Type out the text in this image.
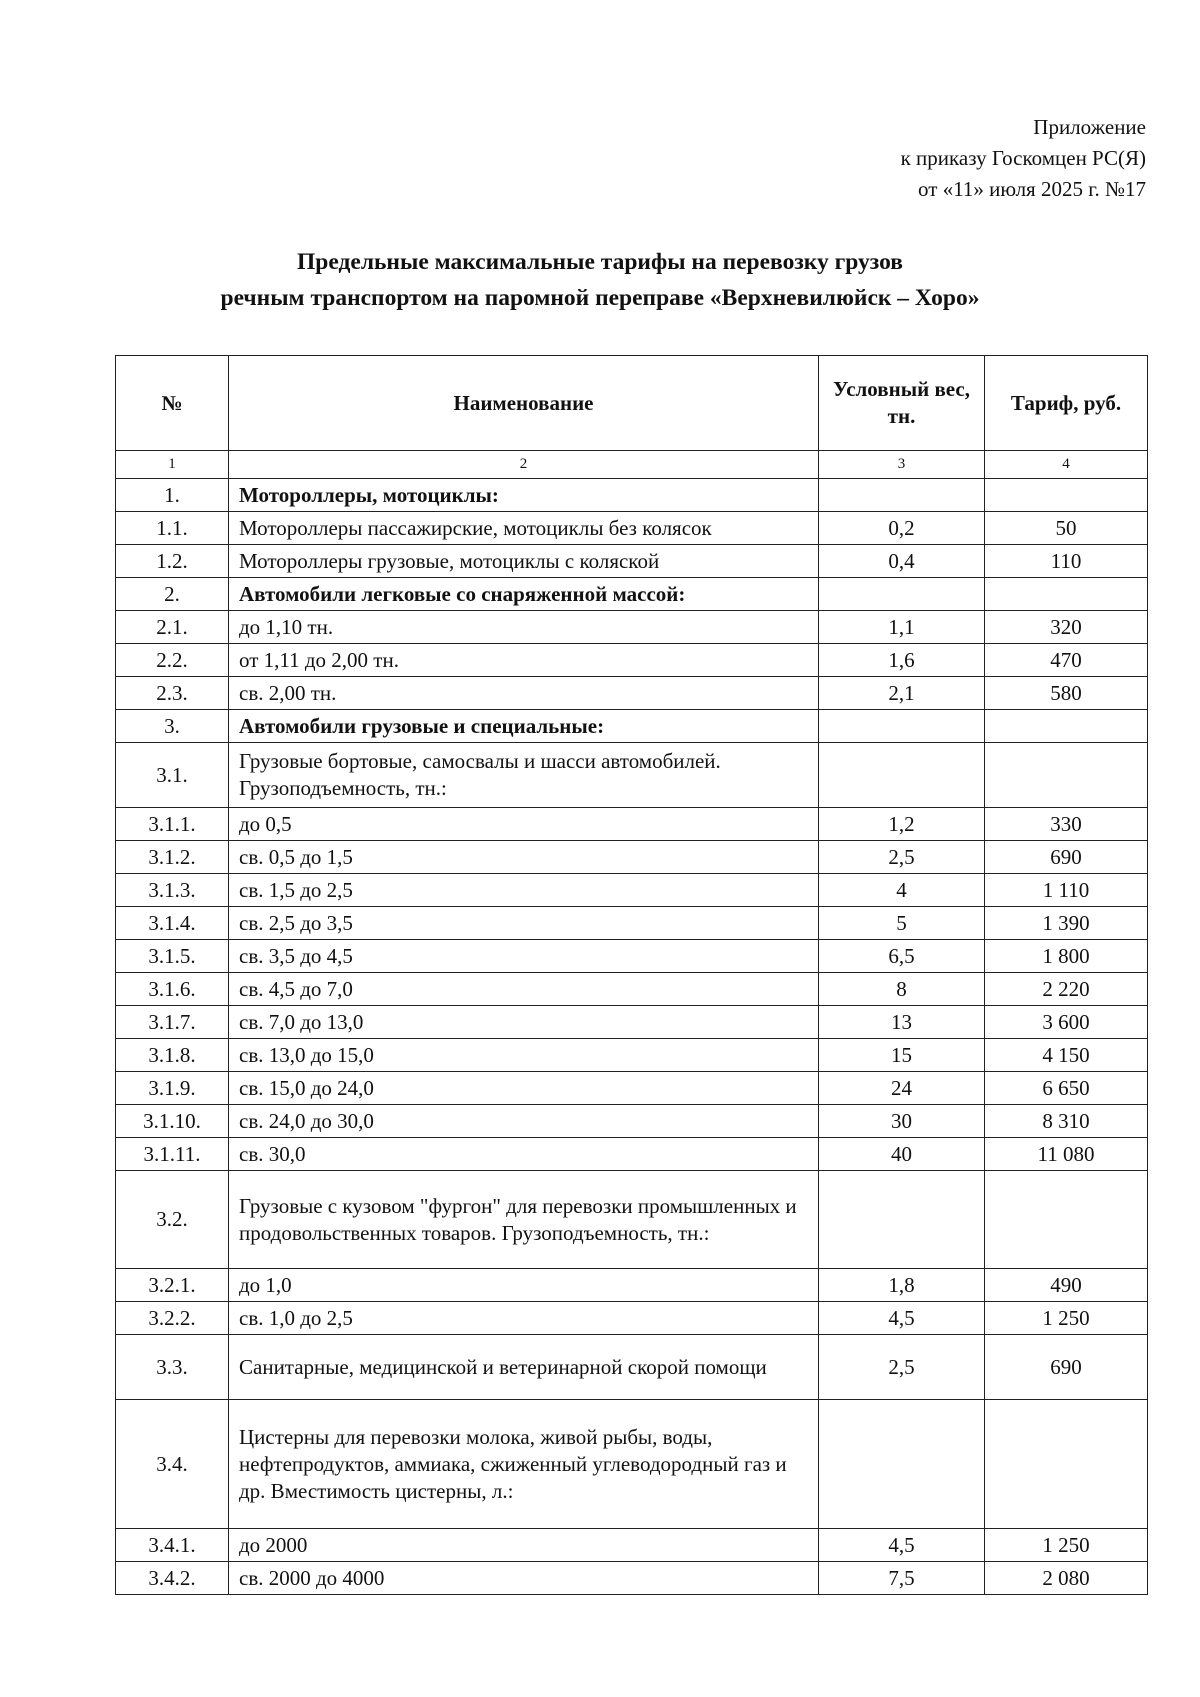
Приложение
к приказу Госкомцен РС(Я)
от «11» июля 2025 г. №17
Предельные максимальные тарифы на перевозку грузов
речным транспортом на паромной переправе «Верхневилюйск – Хоро»
№	Наименование	Условный вес, тн.	Тариф, руб.
1	2	3	4
1.	Мотороллеры, мотоциклы:		
1.1.	Мотороллеры пассажирские, мотоциклы без колясок	0,2	50
1.2.	Мотороллеры грузовые, мотоциклы с коляской	0,4	110
2.	Автомобили легковые со снаряженной массой:		
2.1.	до 1,10 тн.	1,1	320
2.2.	от 1,11 до 2,00 тн.	1,6	470
2.3.	св. 2,00 тн.	2,1	580
3.	Автомобили грузовые и специальные:		
3.1.	Грузовые бортовые, самосвалы и шасси автомобилей. Грузоподъемность, тн.:		
3.1.1.	до 0,5	1,2	330
3.1.2.	св. 0,5 до 1,5	2,5	690
3.1.3.	св. 1,5 до 2,5	4	1 110
3.1.4.	св. 2,5 до 3,5	5	1 390
3.1.5.	св. 3,5 до 4,5	6,5	1 800
3.1.6.	св. 4,5 до 7,0	8	2 220
3.1.7.	св. 7,0 до 13,0	13	3 600
3.1.8.	св. 13,0 до 15,0	15	4 150
3.1.9.	св. 15,0 до 24,0	24	6 650
3.1.10.	св. 24,0 до 30,0	30	8 310
3.1.11.	св. 30,0	40	11 080
3.2.	Грузовые с кузовом "фургон" для перевозки промышленных и продовольственных товаров. Грузоподъемность, тн.:		
3.2.1.	до 1,0	1,8	490
3.2.2.	св. 1,0 до 2,5	4,5	1 250
3.3.	Санитарные, медицинской и ветеринарной скорой помощи	2,5	690
3.4.	Цистерны для перевозки молока, живой рыбы, воды, нефтепродуктов, аммиака, сжиженный углеводородный газ и др. Вместимость цистерны, л.:		
3.4.1.	до 2000	4,5	1 250
3.4.2.	св. 2000 до 4000	7,5	2 080
